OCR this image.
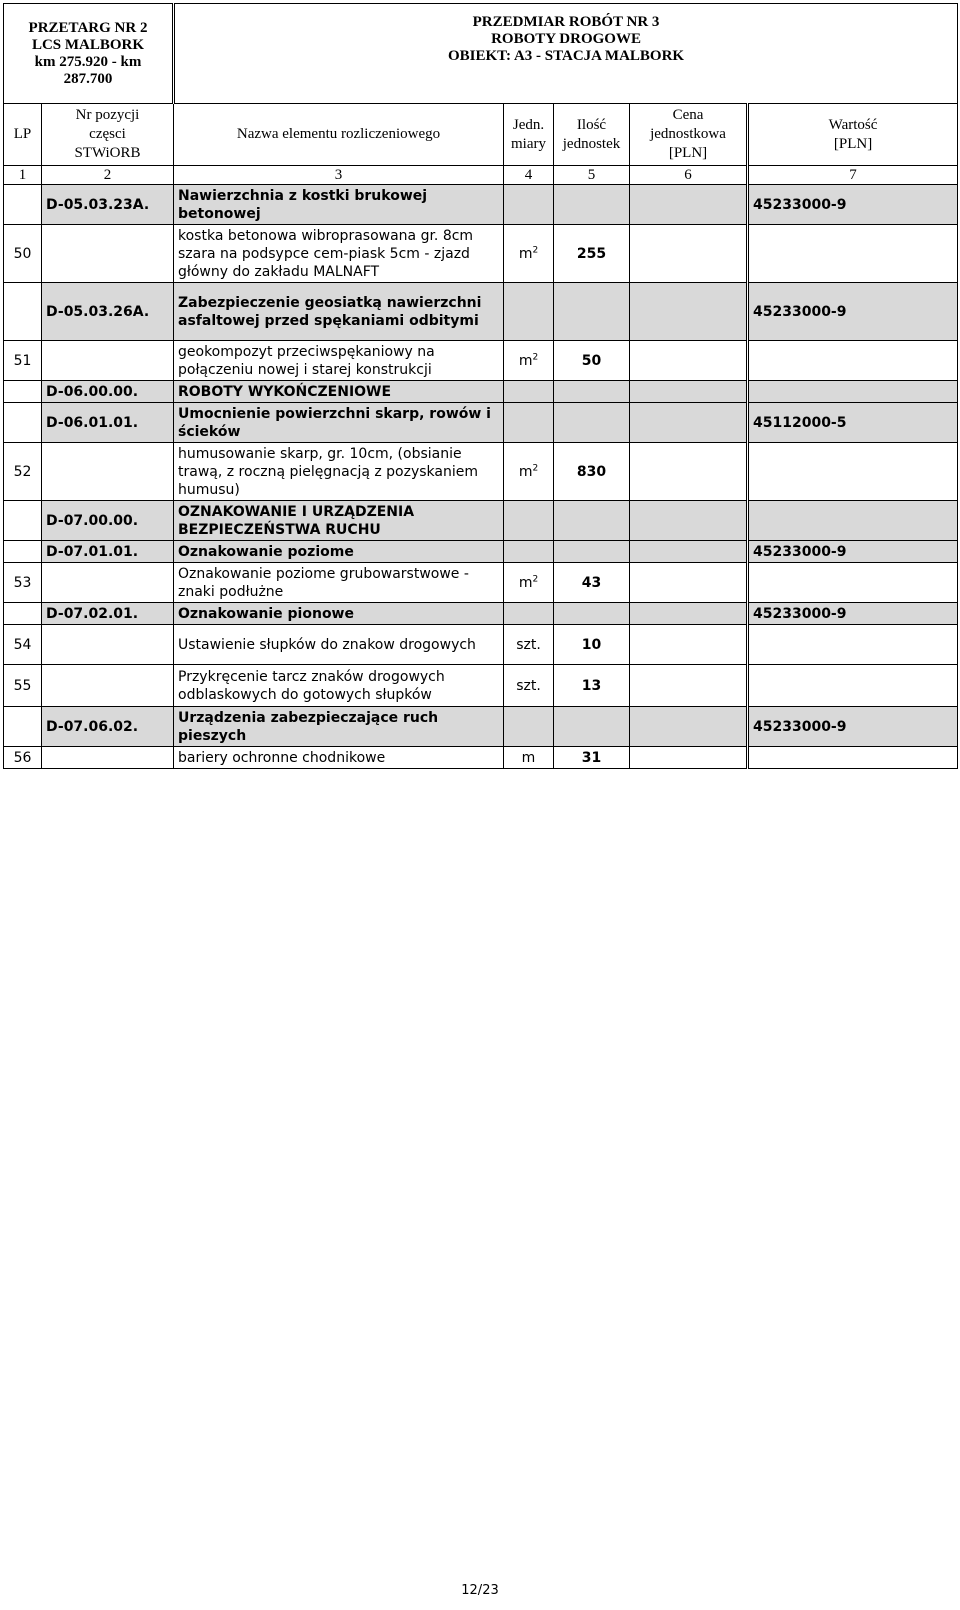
PRZETARG NR 2
LCS MALBORK
km 275.920 - km
287.700		PRZEDMIAR ROBÓT NR 3
ROBOTY DROGOWE
OBIEKT: A3 - STACJA MALBORK				

LP	Nr pozycji
częsci
STWiORB	Nazwa elementu rozliczeniowego	Jedn.
miary	Ilość
jednostek	Cena
jednostkowa
[PLN]	Wartość
[PLN]

1	2	3	4	5	6	7
	D-05.03.23A.	Nawierzchnia z kostki brukowej betonowej				45233000-9
50		kostka betonowa wibroprasowana gr. 8cm szara na podsypce cem-piask 5cm - zjazd główny do zakładu MALNAFT	$m^2$	255		
	D-05.03.26A.	Zabezpieczenie geosiatką nawierzchni asfaltowej przed spękaniami odbitymi				45233000-9
51		geokompozyt przeciwspękaniowy na połączeniu nowej i starej konstrukcji	$m^2$	50		
	D-06.00.00.	ROBOTY WYKOŃCZENIOWE				
	D-06.01.01.	Umocnienie powierzchni skarp, rowów i ścieków				45112000-5
52		humusowanie skarp, gr. 10cm, (obsianie trawą, z roczną pielęgnacją z pozyskaniem humusu)	$m^2$	830		
	D-07.00.00.	OZNAKOWANIE I URZĄDZENIA BEZPIECZEŃSTWA RUCHU				
	D-07.01.01.	Oznakowanie poziome				45233000-9
53		Oznakowanie poziome grubowarstwowe - znaki podłużne	$m^2$	43		
	D-07.02.01.	Oznakowanie pionowe				45233000-9
54		Ustawienie słupków do znakow drogowych	szt.	10		
55		Przykręcenie tarcz znaków drogowych odblaskowych do gotowych słupków	szt.	13		
	D-07.06.02.	Urządzenia zabezpieczające ruch pieszych				45233000-9
56		bariery ochronne chodnikowe	m	31		
12/23
